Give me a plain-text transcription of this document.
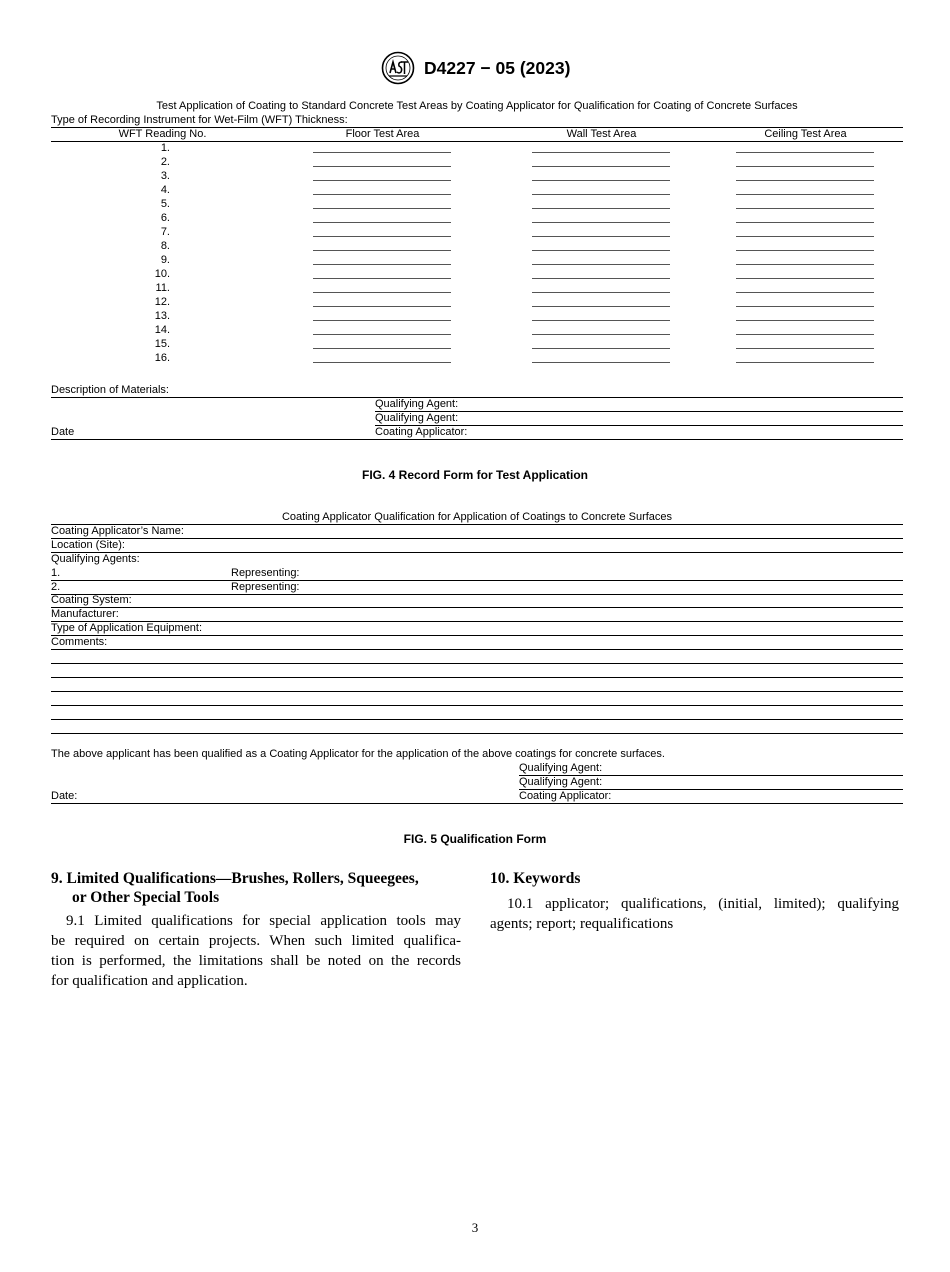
D4227 − 05 (2023)
Test Application of Coating to Standard Concrete Test Areas by Coating Applicator for Qualification for Coating of Concrete Surfaces
Type of Recording Instrument for Wet-Film (WFT) Thickness:
WFT Reading No.	Floor Test Area	Wall Test Area	Ceiling Test Area
1.
2.
3.
4.
5.
6.
7.
8.
9.
10.
11.
12.
13.
14.
15.
16.
Description of Materials:
Qualifying Agent:
Qualifying Agent:
Date	Coating Applicator:
FIG. 4 Record Form for Test Application
Coating Applicator Qualification for Application of Coatings to Concrete Surfaces
Coating Applicator’s Name:
Location (Site):
Qualifying Agents:
1.	Representing:
2.	Representing:
Coating System:
Manufacturer:
Type of Application Equipment:
Comments:
The above applicant has been qualified as a Coating Applicator for the application of the above coatings for concrete surfaces.
Qualifying Agent:
Qualifying Agent:
Date:	Coating Applicator:
FIG. 5 Qualification Form
9. Limited Qualifications—Brushes, Rollers, Squeegees,
or Other Special Tools
9.1 Limited qualifications for special application tools may
be required on certain projects. When such limited qualifica-
tion is performed, the limitations shall be noted on the records
for qualification and application.
10. Keywords
10.1 applicator; qualifications, (initial, limited); qualifying
agents; report; requalifications
3
